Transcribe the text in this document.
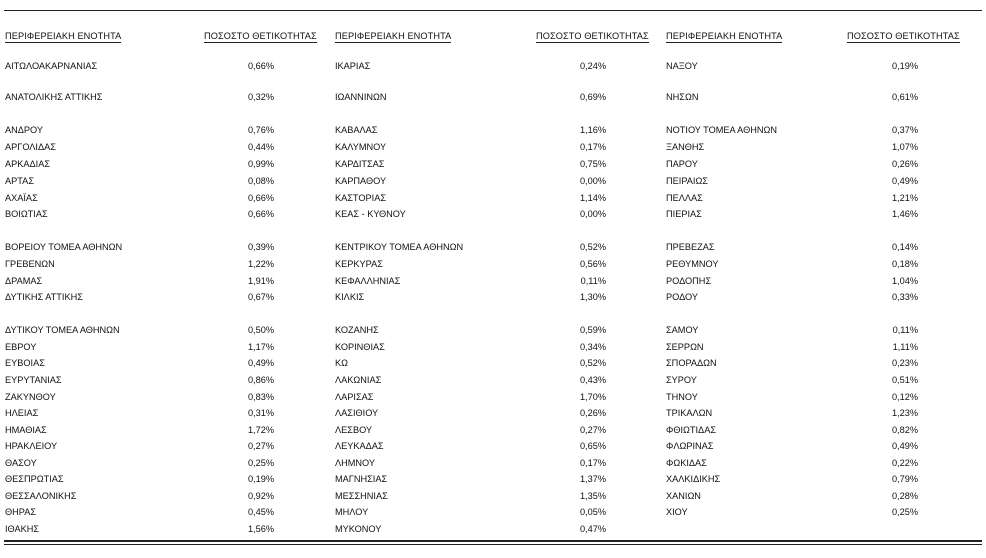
ΠΕΡΙΦΕΡΕΙΑΚΗ ΕΝΟΤΗΤΑ	ΠΟΣΟΣΤΟ ΘΕΤΙΚΟΤΗΤΑΣ ΠΕΡΙΦΕΡΕΙΑΚΗ ΕΝΟΤΗΤΑ	ΠΟΣΟΣΤΟ ΘΕΤΙΚΟΤΗΤΑΣ ΠΕΡΙΦΕΡΕΙΑΚΗ ΕΝΟΤΗΤΑ	ΠΟΣΟΣΤΟ ΘΕΤΙΚΟΤΗΤΑΣ
ΑΙΤΩΛΟΑΚΑΡΝΑΝΙΑΣ	0,66%
ΑΝΑΤΟΛΙΚΗΣ ΑΤΤΙΚΗΣ	0,32%
ΑΝΔΡΟΥ	0,76%
ΑΡΓΟΛΙΔΑΣ	0,44%
ΑΡΚΑΔΙΑΣ	0,99%
ΑΡΤΑΣ	0,08%
ΑΧΑΪΑΣ	0,66%
ΒΟΙΩΤΙΑΣ	0,66%
ΒΟΡΕΙΟΥ ΤΟΜΕΑ ΑΘΗΝΩΝ	0,39%
ΓΡΕΒΕΝΩΝ	1,22%
ΔΡΑΜΑΣ	1,91%
ΔΥΤΙΚΗΣ ΑΤΤΙΚΗΣ	0,67%
ΔΥΤΙΚΟΥ ΤΟΜΕΑ ΑΘΗΝΩΝ	0,50%
ΕΒΡΟΥ	1,17%
ΕΥΒΟΙΑΣ	0,49%
ΕΥΡΥΤΑΝΙΑΣ	0,86%
ΖΑΚΥΝΘΟΥ	0,83%
ΗΛΕΙΑΣ	0,31%
ΗΜΑΘΙΑΣ	1,72%
ΗΡΑΚΛΕΙΟΥ	0,27%
ΘΑΣΟΥ	0,25%
ΘΕΣΠΡΩΤΙΑΣ	0,19%
ΘΕΣΣΑΛΟΝΙΚΗΣ	0,92%
ΘΗΡΑΣ	0,45%
ΙΘΑΚΗΣ	1,56%
ΙΚΑΡΙΑΣ	0,24%
ΙΩΑΝΝΙΝΩΝ	0,69%
ΚΑΒΑΛΑΣ	1,16%
ΚΑΛΥΜΝΟΥ	0,17%
ΚΑΡΔΙΤΣΑΣ	0,75%
ΚΑΡΠΑΘΟΥ	0,00%
ΚΑΣΤΟΡΙΑΣ	1,14%
ΚΕΑΣ - ΚΥΘΝΟΥ	0,00%
ΚΕΝΤΡΙΚΟΥ ΤΟΜΕΑ ΑΘΗΝΩΝ	0,52%
ΚΕΡΚΥΡΑΣ	0,56%
ΚΕΦΑΛΛΗΝΙΑΣ	0,11%
ΚΙΛΚΙΣ	1,30%
ΚΟΖΑΝΗΣ	0,59%
ΚΟΡΙΝΘΙΑΣ	0,34%
ΚΩ	0,52%
ΛΑΚΩΝΙΑΣ	0,43%
ΛΑΡΙΣΑΣ	1,70%
ΛΑΣΙΘΙΟΥ	0,26%
ΛΕΣΒΟΥ	0,27%
ΛΕΥΚΑΔΑΣ	0,65%
ΛΗΜΝΟΥ	0,17%
ΜΑΓΝΗΣΙΑΣ	1,37%
ΜΕΣΣΗΝΙΑΣ	1,35%
ΜΗΛΟΥ	0,05%
ΜΥΚΟΝΟΥ	0,47%
ΝΑΞΟΥ	0,19%
ΝΗΣΩΝ	0,61%
ΝΟΤΙΟΥ ΤΟΜΕΑ ΑΘΗΝΩΝ	0,37%
ΞΑΝΘΗΣ	1,07%
ΠΑΡΟΥ	0,26%
ΠΕΙΡΑΙΩΣ	0,49%
ΠΕΛΛΑΣ	1,21%
ΠΙΕΡΙΑΣ	1,46%
ΠΡΕΒΕΖΑΣ	0,14%
ΡΕΘΥΜΝΟΥ	0,18%
ΡΟΔΟΠΗΣ	1,04%
ΡΟΔΟΥ	0,33%
ΣΑΜΟΥ	0,11%
ΣΕΡΡΩΝ	1,11%
ΣΠΟΡΑΔΩΝ	0,23%
ΣΥΡΟΥ	0,51%
ΤΗΝΟΥ	0,12%
ΤΡΙΚΑΛΩΝ	1,23%
ΦΘΙΩΤΙΔΑΣ	0,82%
ΦΛΩΡΙΝΑΣ	0,49%
ΦΩΚΙΔΑΣ	0,22%
ΧΑΛΚΙΔΙΚΗΣ	0,79%
ΧΑΝΙΩΝ	0,28%
ΧΙΟΥ	0,25%
